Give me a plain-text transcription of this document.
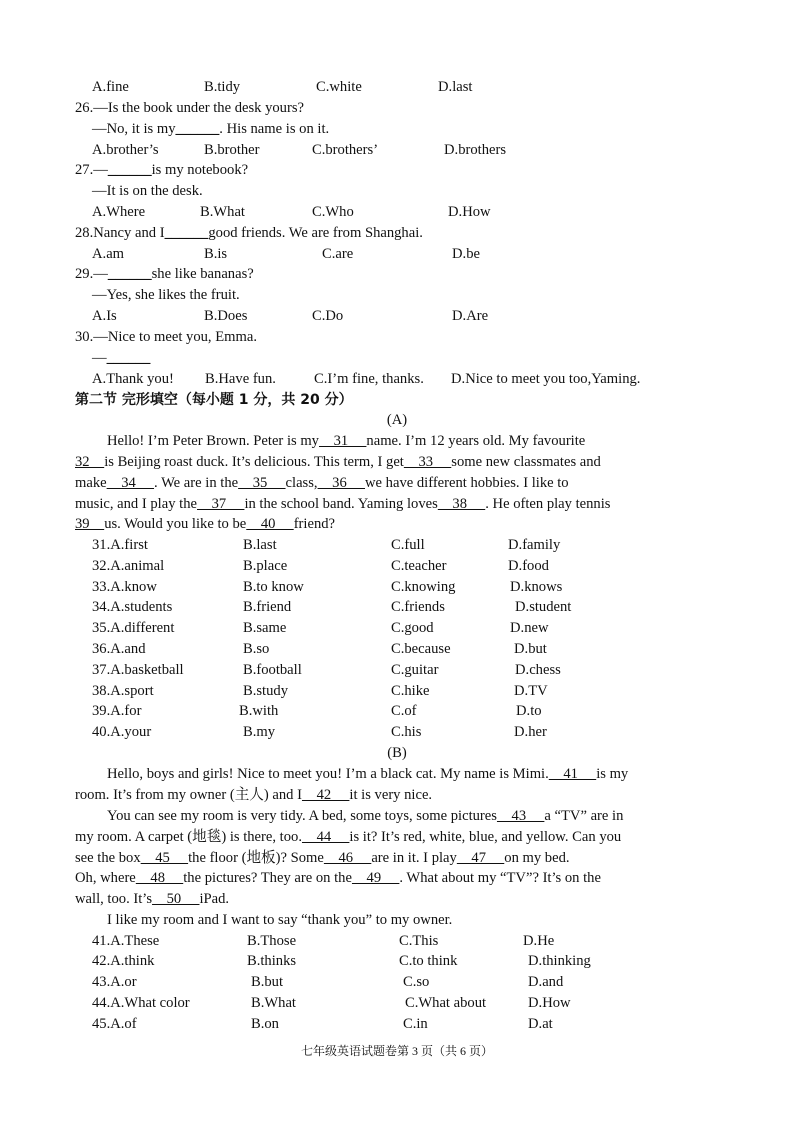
A.fine	B.tidy	C.white	D.last
26.—Is the book under the desk yours?
—No, it is my______. His name is on it.
A.brother’s	B.brother	C.brothers’	D.brothers
27.—______is my notebook?
—It is on the desk.
A.Where	B.What	C.Who	D.How
28.Nancy and I______good friends. We are from Shanghai.
A.am	B.is	C.are	D.be
29.—______she like bananas?
—Yes, she likes the fruit.
A.Is	B.Does	C.Do	D.Are
30.—Nice to meet you, Emma.
—______
A.Thank you! B.Have fun.	C.I’m fine, thanks. D.Nice to meet you too,Yaming.
第二节 完形填空（每小题 1 分，共 20 分）
(A)
Hello! I’m Peter Brown. Peter is my    31     name. I’m 12 years old. My favourite
32    is Beijing roast duck. It’s delicious. This term, I get    33     some new classmates and
make    34     . We are in the    35     class,    36     we have different hobbies. I like to
music, and I play the    37     in the school band. Yaming loves    38     . He often play tennis
39    us. Would you like to be    40     friend?
31.A.first	B.last	C.full	D.family
32.A.animal	B.place	C.teacher	D.food
33.A.know	B.to know	C.knowing	D.knows
34.A.students	B.friend	C.friends	D.student
35.A.different	B.same	C.good	D.new
36.A.and	B.so	C.because	D.but
37.A.basketball	B.football	C.guitar	D.chess
38.A.sport	B.study	C.hike	D.TV
39.A.for	B.with	C.of	D.to
40.A.your	B.my	C.his	D.her
(B)
Hello, boys and girls! Nice to meet you! I’m a black cat. My name is Mimi.    41     is my
room. It’s from my owner (主人) and I    42     it is very nice.
You can see my room is very tidy. A bed, some toys, some pictures    43     a “TV” are in
my room. A carpet (地毯) is there, too.    44     is it? It’s red, white, blue, and yellow. Can you
see the box    45     the floor (地板)? Some    46     are in it. I play    47     on my bed.
Oh, where    48     the pictures? They are on the    49     . What about my “TV”? It’s on the
wall, too. It’s    50     iPad.
I like my room and I want to say “thank you” to my owner.
41.A.These	B.Those	C.This	D.He
42.A.think	B.thinks	C.to think	D.thinking
43.A.or	B.but	C.so	D.and
44.A.What color	B.What	C.What about	D.How
45.A.of	B.on	C.in	D.at
七年级英语试题卷第 3 页（共 6 页）
